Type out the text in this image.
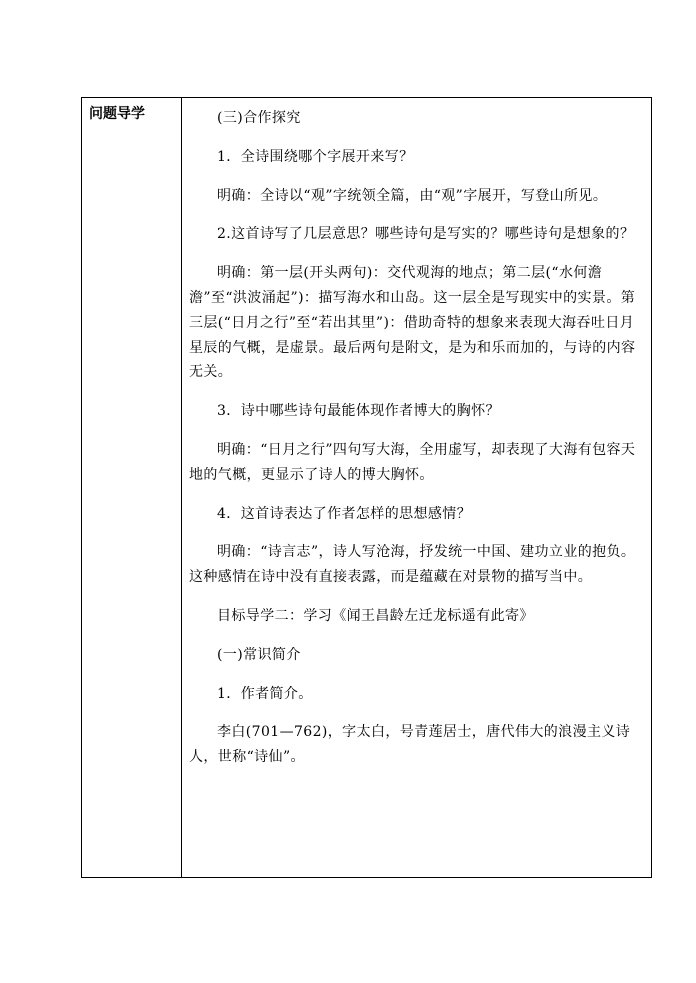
问题导学	(三)合作探究

1．全诗围绕哪个字展开来写？

明确：全诗以“观”字统领全篇，由“观”字展开，写登山所见。

2.这首诗写了几层意思？哪些诗句是写实的？哪些诗句是想象的？

明确：第一层(开头两句)：交代观海的地点；第二层(“水何澹澹”至“洪波涌起”)：描写海水和山岛。这一层全是写现实中的实景。第三层(“日月之行”至“若出其里”)：借助奇特的想象来表现大海吞吐日月星辰的气概，是虚景。最后两句是附文，是为和乐而加的，与诗的内容无关。

3．诗中哪些诗句最能体现作者博大的胸怀？

明确：“日月之行”四句写大海，全用虚写，却表现了大海有包容天地的气概，更显示了诗人的博大胸怀。

4．这首诗表达了作者怎样的思想感情？

明确：“诗言志”，诗人写沧海，抒发统一中国、建功立业的抱负。这种感情在诗中没有直接表露，而是蕴藏在对景物的描写当中。

目标导学二：学习《闻王昌龄左迁龙标遥有此寄》

(一)常识简介

1．作者简介。

李白(701—762)，字太白，号青莲居士，唐代伟大的浪漫主义诗人，世称“诗仙”。
